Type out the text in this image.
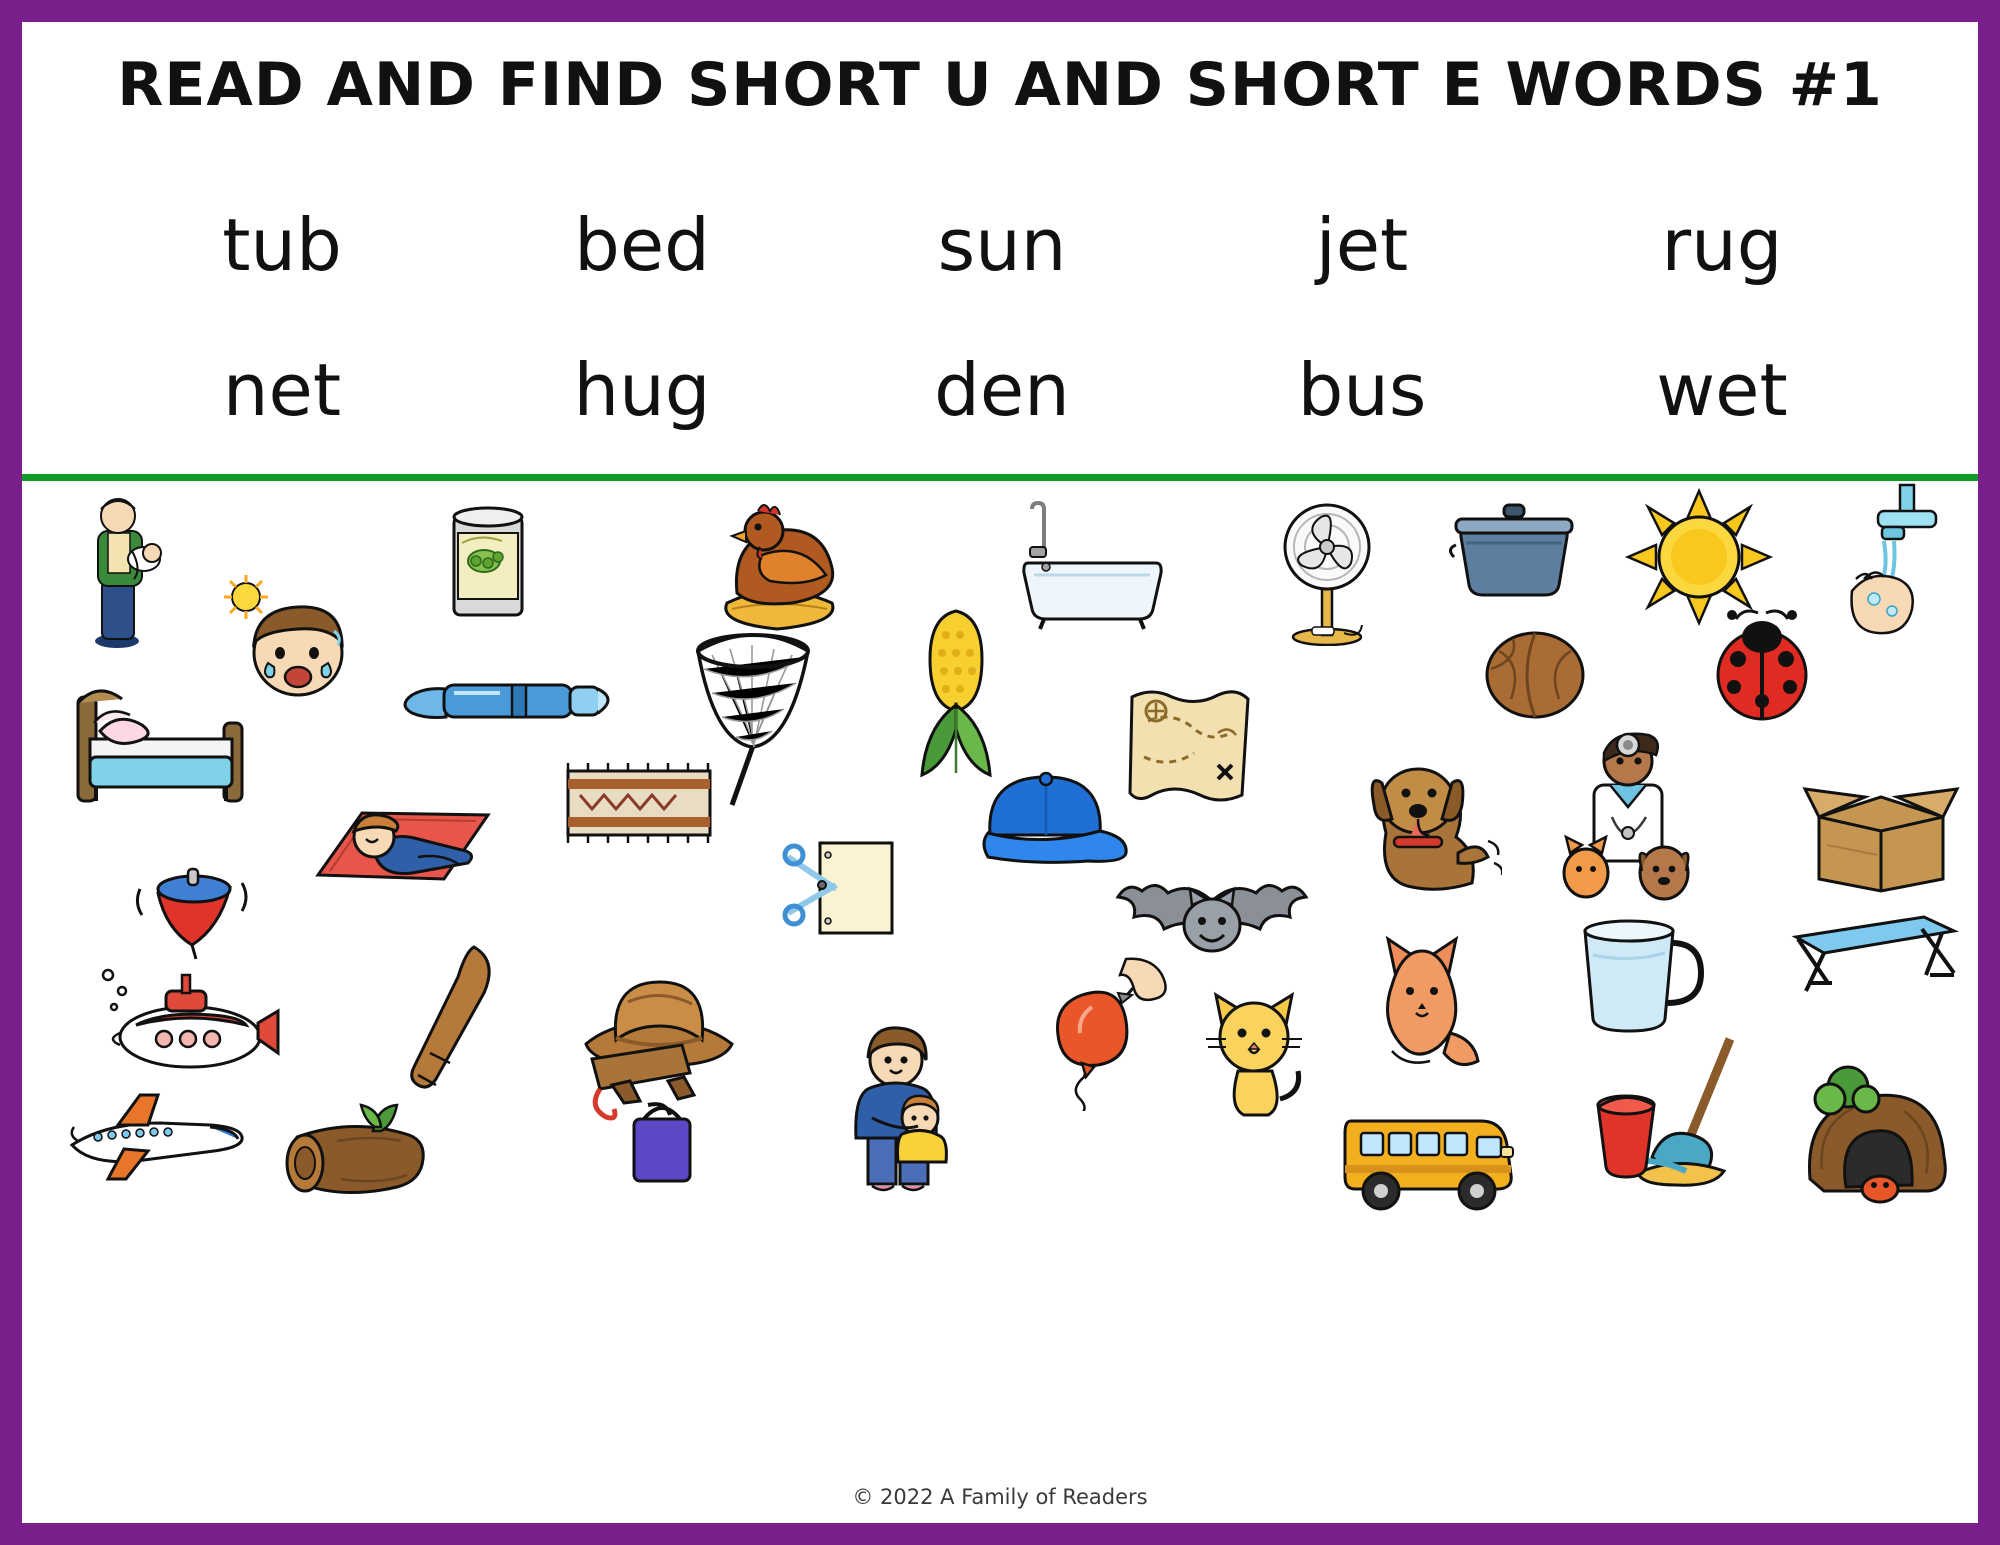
READ AND FIND SHORT U AND SHORT E WORDS #1
tub	bed	sun	jet	rug
net	hug	den	bus	wet
© 2022 A Family of Readers
